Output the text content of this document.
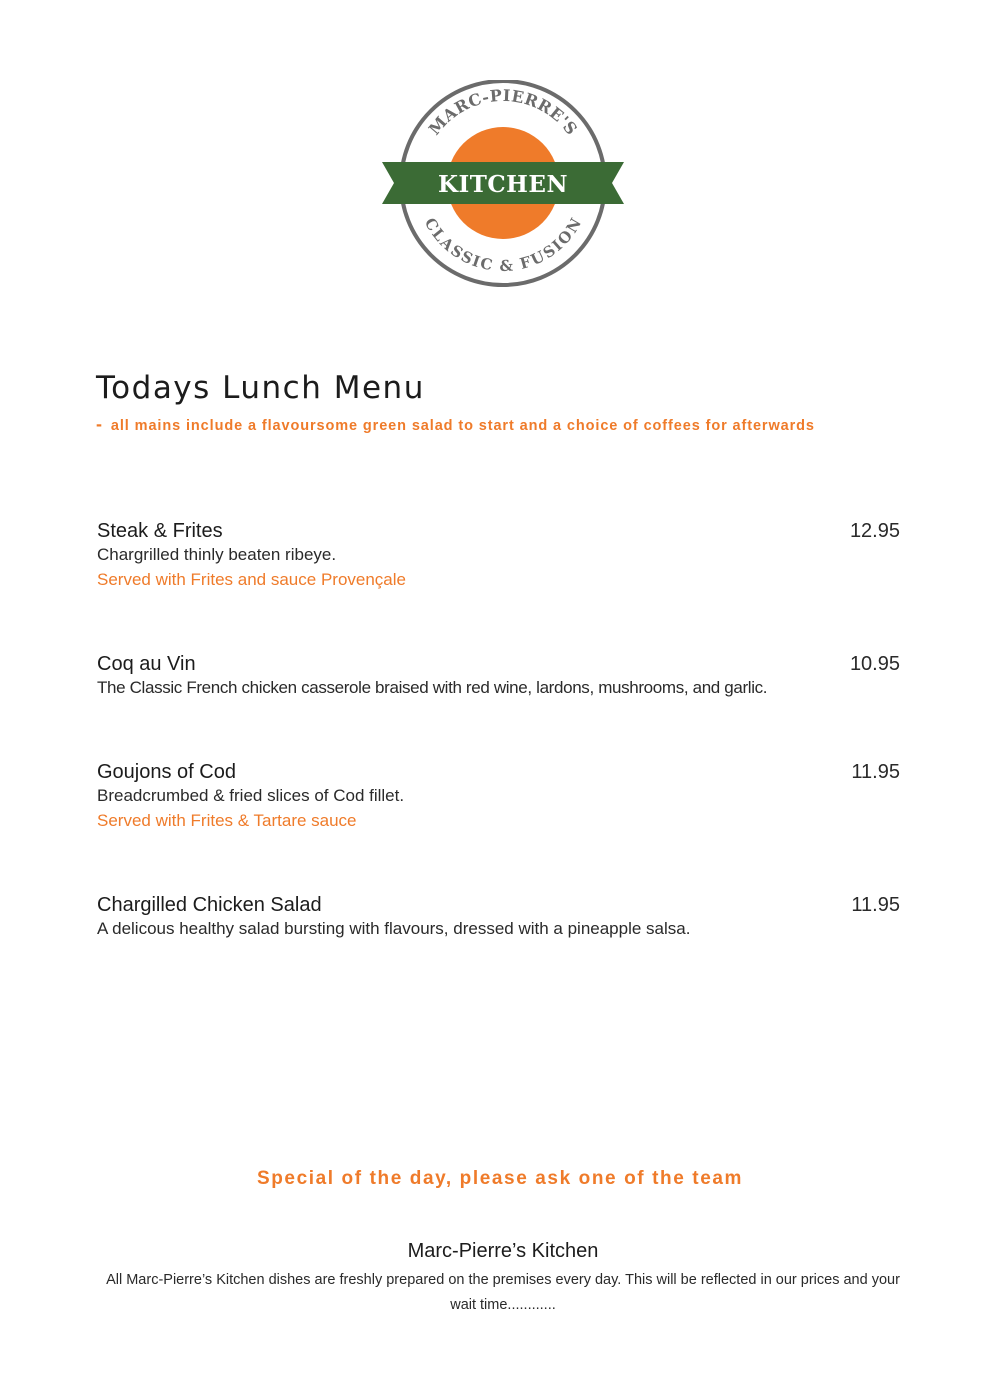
KITCHEN
MARC-PIERRE'S
CLASSIC & FUSION
Todays Lunch Menu
- all mains include a flavoursome green salad to start and a choice of coffees for afterwards
Steak & Frites	12.95
Chargrilled thinly beaten ribeye.
Served with Frites and sauce Provençale
Coq au Vin	10.95
The Classic French chicken casserole braised with red wine, lardons, mushrooms, and garlic.
Goujons of Cod	11.95
Breadcrumbed & fried slices of Cod fillet.
Served with Frites & Tartare sauce
Chargilled Chicken Salad	11.95
A delicous healthy salad bursting with flavours, dressed with a pineapple salsa.
Special of the day, please ask one of the team
Marc-Pierre’s Kitchen
All Marc-Pierre’s Kitchen dishes are freshly prepared on the premises every day. This will be reflected in our prices and your wait time............
